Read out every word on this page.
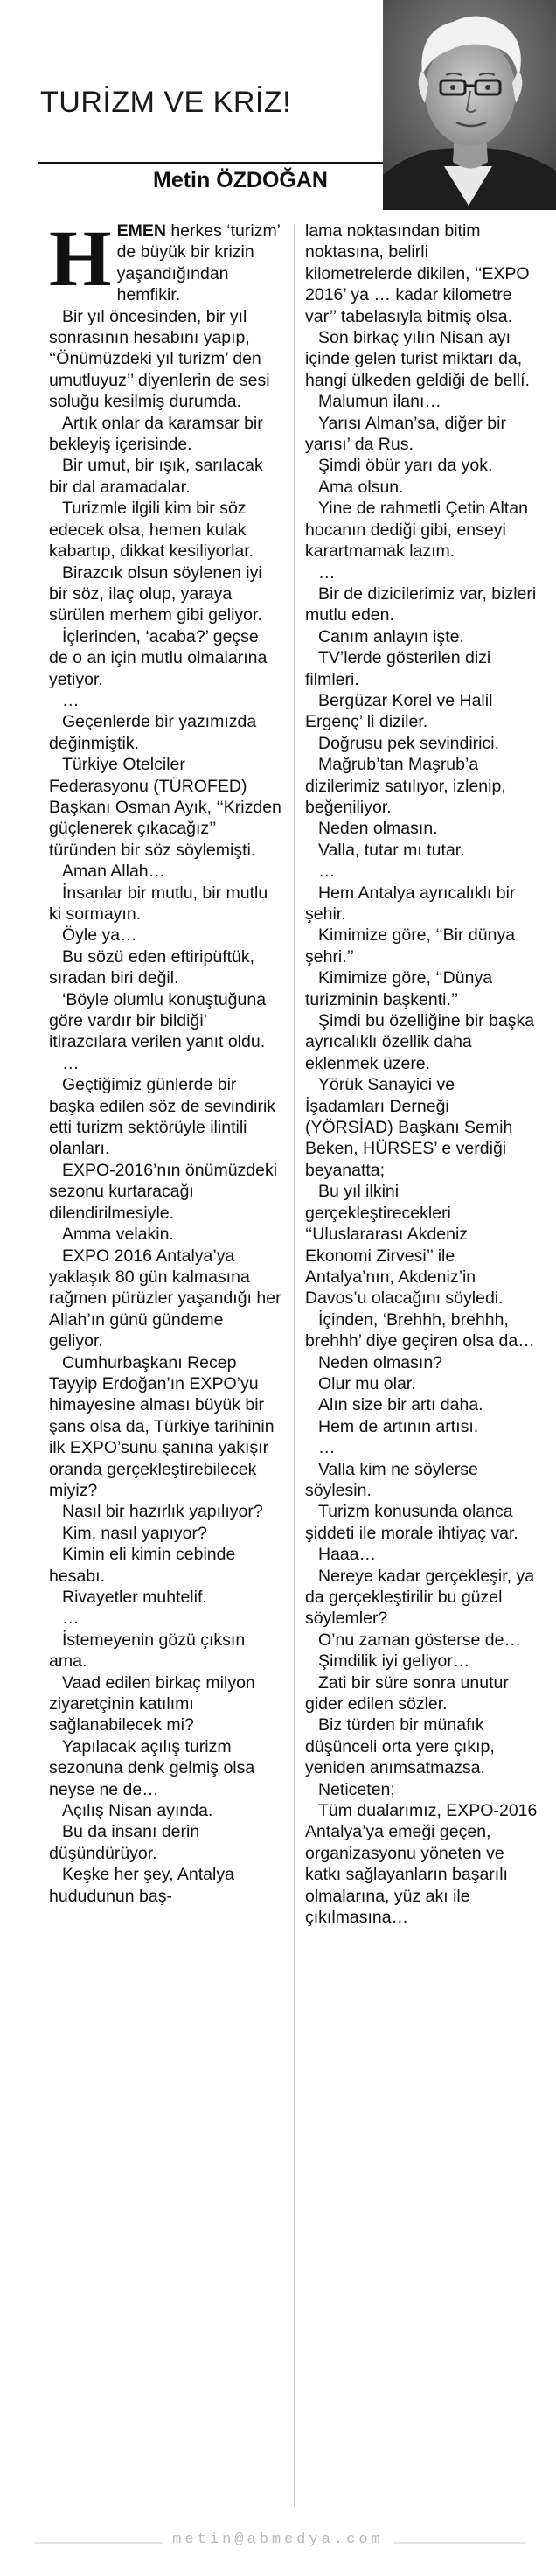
TURİZM VE KRİZ!
Metin ÖZDOĞAN

HEMEN herkes ‘turizm’ de büyük bir krizin yaşandığından hemfikir.

Bir yıl öncesinden, bir yıl sonrasının hesabını yapıp, ‘‘Önümüzdeki yıl turizm’ den umutluyuz’’ diyenlerin de sesi soluğu kesilmiş durumda.

Artık onlar da karamsar bir bekleyiş içerisinde.

Bir umut, bir ışık, sarılacak bir dal aramadalar.

Turizmle ilgili kim bir söz edecek olsa, hemen kulak kabartıp, dikkat kesiliyorlar.

Birazcık olsun söylenen iyi bir söz, ilaç olup, yaraya sürülen merhem gibi geliyor.

İçlerinden, ‘acaba?’ geçse de o an için mutlu olmalarına yetiyor.

…

Geçenlerde bir yazımızda değinmiştik.

Türkiye Otelciler Federasyonu (TÜROFED) Başkanı Osman Ayık, ‘‘Krizden güçlenerek çıkacağız’’ türünden bir söz söylemişti.

Aman Allah…

İnsanlar bir mutlu, bir mutlu ki sormayın.

Öyle ya…

Bu sözü eden eftiripüftük, sıradan biri değil.

‘Böyle olumlu konuştuğuna göre vardır bir bildiği’ itirazcılara verilen yanıt oldu.

…

Geçtiğimiz günlerde bir başka edilen söz de sevindirik etti turizm sektörüyle ilintili olanları.

EXPO-2016’nın önümüzdeki sezonu kurtaracağı dilendirilmesiyle.

Amma velakin.

EXPO 2016 Antalya’ya yaklaşık 80 gün kalmasına rağmen pürüzler yaşandığı her Allah’ın günü gündeme geliyor.

Cumhurbaşkanı Recep Tayyip Erdoğan’ın EXPO’yu himayesine alması büyük bir şans olsa da, Türkiye tarihinin ilk EXPO’sunu şanına yakışır oranda gerçekleştirebilecek miyiz?

Nasıl bir hazırlık yapılıyor?

Kim, nasıl yapıyor?

Kimin eli kimin cebinde hesabı.

Rivayetler muhtelif.

…

İstemeyenin gözü çıksın ama.

Vaad edilen birkaç milyon ziyaretçinin katılımı sağlanabilecek mi?

Yapılacak açılış turizm sezonuna denk gelmiş olsa neyse ne de…

Açılış Nisan ayında.

Bu da insanı derin düşündürüyor.

Keşke her şey, Antalya hududunun baş-

lama noktasından bitim noktasına, belirli kilometrelerde dikilen, ‘‘EXPO 2016’ ya … kadar kilometre var’’ tabelasıyla bitmiş olsa.

Son birkaç yılın Nisan ayı içinde gelen turist miktarı da, hangi ülkeden geldiği de bellí.

Malumun ilanı…

Yarısı Alman’sa, diğer bir yarısı’ da Rus.

Şimdi öbür yarı da yok.

Ama olsun.

Yine de rahmetli Çetin Altan hocanın dediği gibi, enseyi karartmamak lazım.

…

Bir de dizicilerimiz var, bizleri mutlu eden.

Canım anlayın işte.

TV’lerde gösterilen dizi filmleri.

Bergüzar Korel ve Halil Ergenç’ li diziler.

Doğrusu pek sevindirici.

Mağrub’tan Maşrub’a dizilerimiz satılıyor, izlenip, beğeniliyor.

Neden olmasın.

Valla, tutar mı tutar.

…

Hem Antalya ayrıcalıklı bir şehir.

Kimimize göre, ‘‘Bir dünya şehri.’’

Kimimize göre, ‘‘Dünya turizminin başkenti.’’

Şimdi bu özelliğine bir başka ayrıcalıklı özellik daha eklenmek üzere.

Yörük Sanayici ve İşadamları Derneği (YÖRSİAD) Başkanı Semih Beken, HÜRSES’ e verdiği beyanatta;

Bu yıl ilkini gerçekleştirecekleri ‘‘Uluslararası Akdeniz Ekonomi Zirvesi’’ ile Antalya’nın, Akdeniz’in Davos’u olacağını söyledi.

İçinden, ‘Brehhh, brehhh, brehhh’ diye geçiren olsa da…

Neden olmasın?

Olur mu olar.

Alın size bir artı daha.

Hem de artının artısı.

…

Valla kim ne söylerse söylesin.

Turizm konusunda olanca şiddeti ile morale ihtiyaç var.

Haaa…

Nereye kadar gerçekleşir, ya da gerçekleştirilir bu güzel söylemler?

O’nu zaman gösterse de…

Şimdilik iyi geliyor…

Zati bir süre sonra unutur gider edilen sözler.

Biz türden bir münafık düşünceli orta yere çıkıp, yeniden anımsatmazsa.

Neticeten;

Tüm dualarımız, EXPO-2016 Antalya’ya emeği geçen, organizasyonu yöneten ve katkı sağlayanların başarılı olmalarına, yüz akı ile çıkılmasına…

metin@abmedya.com
